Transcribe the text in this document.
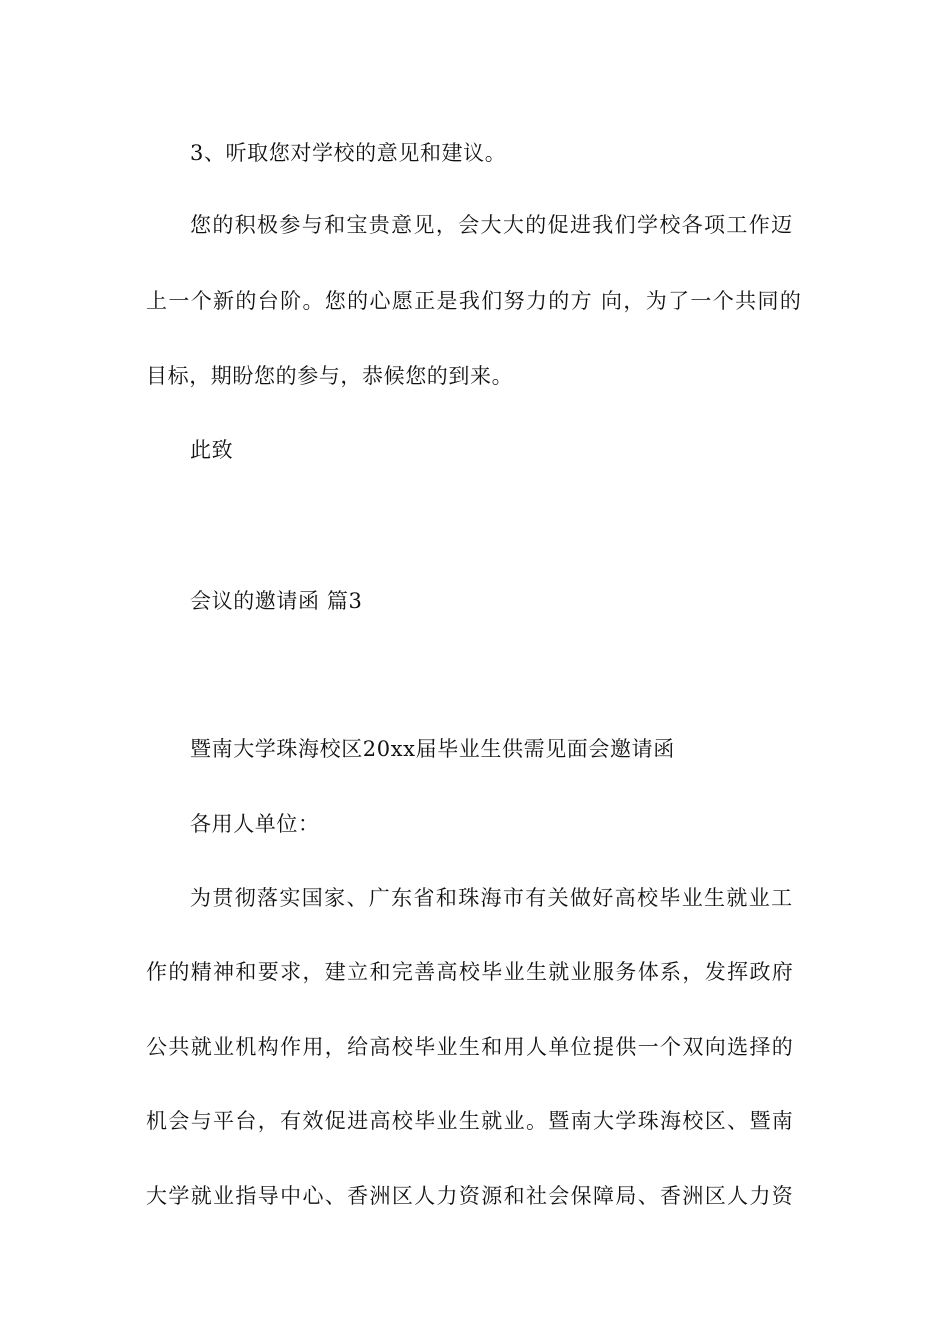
3、听取您对学校的意见和建议。
您的积极参与和宝贵意见，会大大的促进我们学校各项工作迈
上一个新的台阶。您的心愿正是我们努力的方 向，为了一个共同的
目标，期盼您的参与，恭候您的到来。
此致
会议的邀请函 篇3
暨南大学珠海校区20xx届毕业生供需见面会邀请函
各用人单位：
为贯彻落实国家、广东省和珠海市有关做好高校毕业生就业工
作的精神和要求，建立和完善高校毕业生就业服务体系，发挥政府
公共就业机构作用，给高校毕业生和用人单位提供一个双向选择的
机会与平台，有效促进高校毕业生就业。暨南大学珠海校区、暨南
大学就业指导中心、香洲区人力资源和社会保障局、香洲区人力资
